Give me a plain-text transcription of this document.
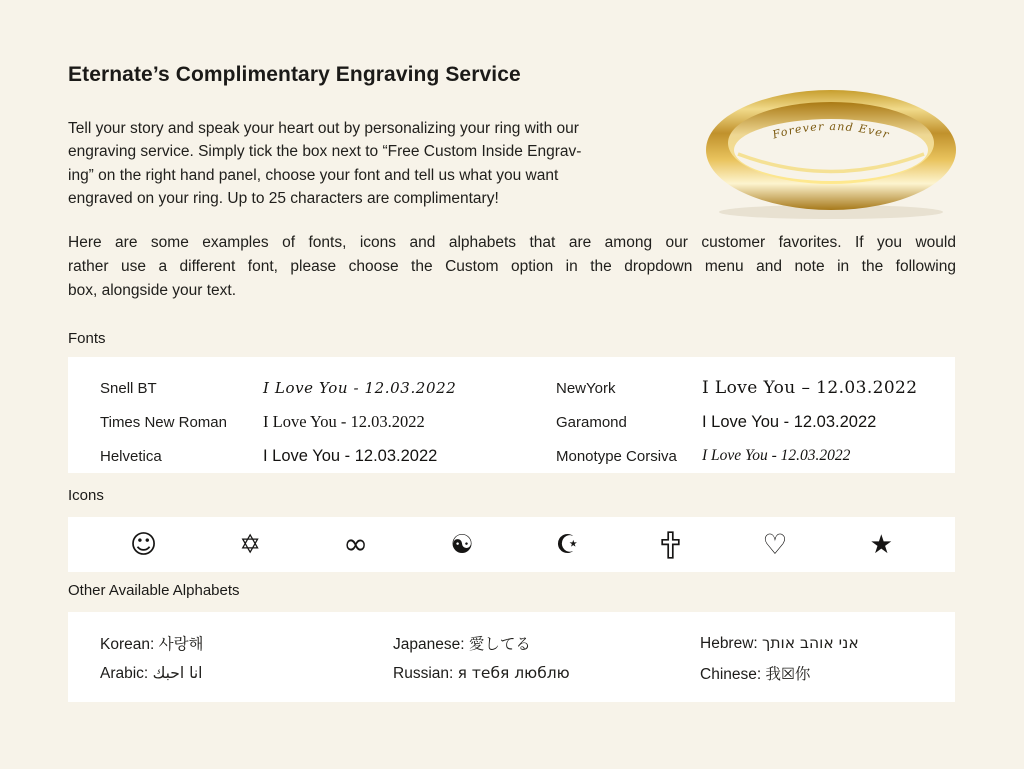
Eternate’s Complimentary Engraving Service
Tell your story and speak your heart out by personalizing your ring with our
engraving service. Simply tick the box next to “Free Custom Inside Engrav-
ing” on the right hand panel, choose your font and tell us what you want
engraved on your ring. Up to 25 characters are complimentary!
Forever and Ever
Here are some examples of fonts, icons and alphabets that are among our customer favorites. If you would
rather use a different font, please choose the Custom option in the dropdown menu and note in the following
box, alongside your text.
Fonts
Snell BT	I Love You - 12.03.2022	NewYork	I Love You – 12.03.2022
Times New Roman	I Love You - 12.03.2022	Garamond	I Love You - 12.03.2022
Helvetica	I Love You - 12.03.2022	Monotype Corsiva	I Love You - 12.03.2022
Icons
☺	✡	∞	☯	☪	♡	★
Other Available Alphabets
Korean: 사랑해	Japanese: 愛してる	Hebrew: אני אוהב אותך
Arabic: انا احبك	Russian: я тебя люблю	Chinese: 我☒你
